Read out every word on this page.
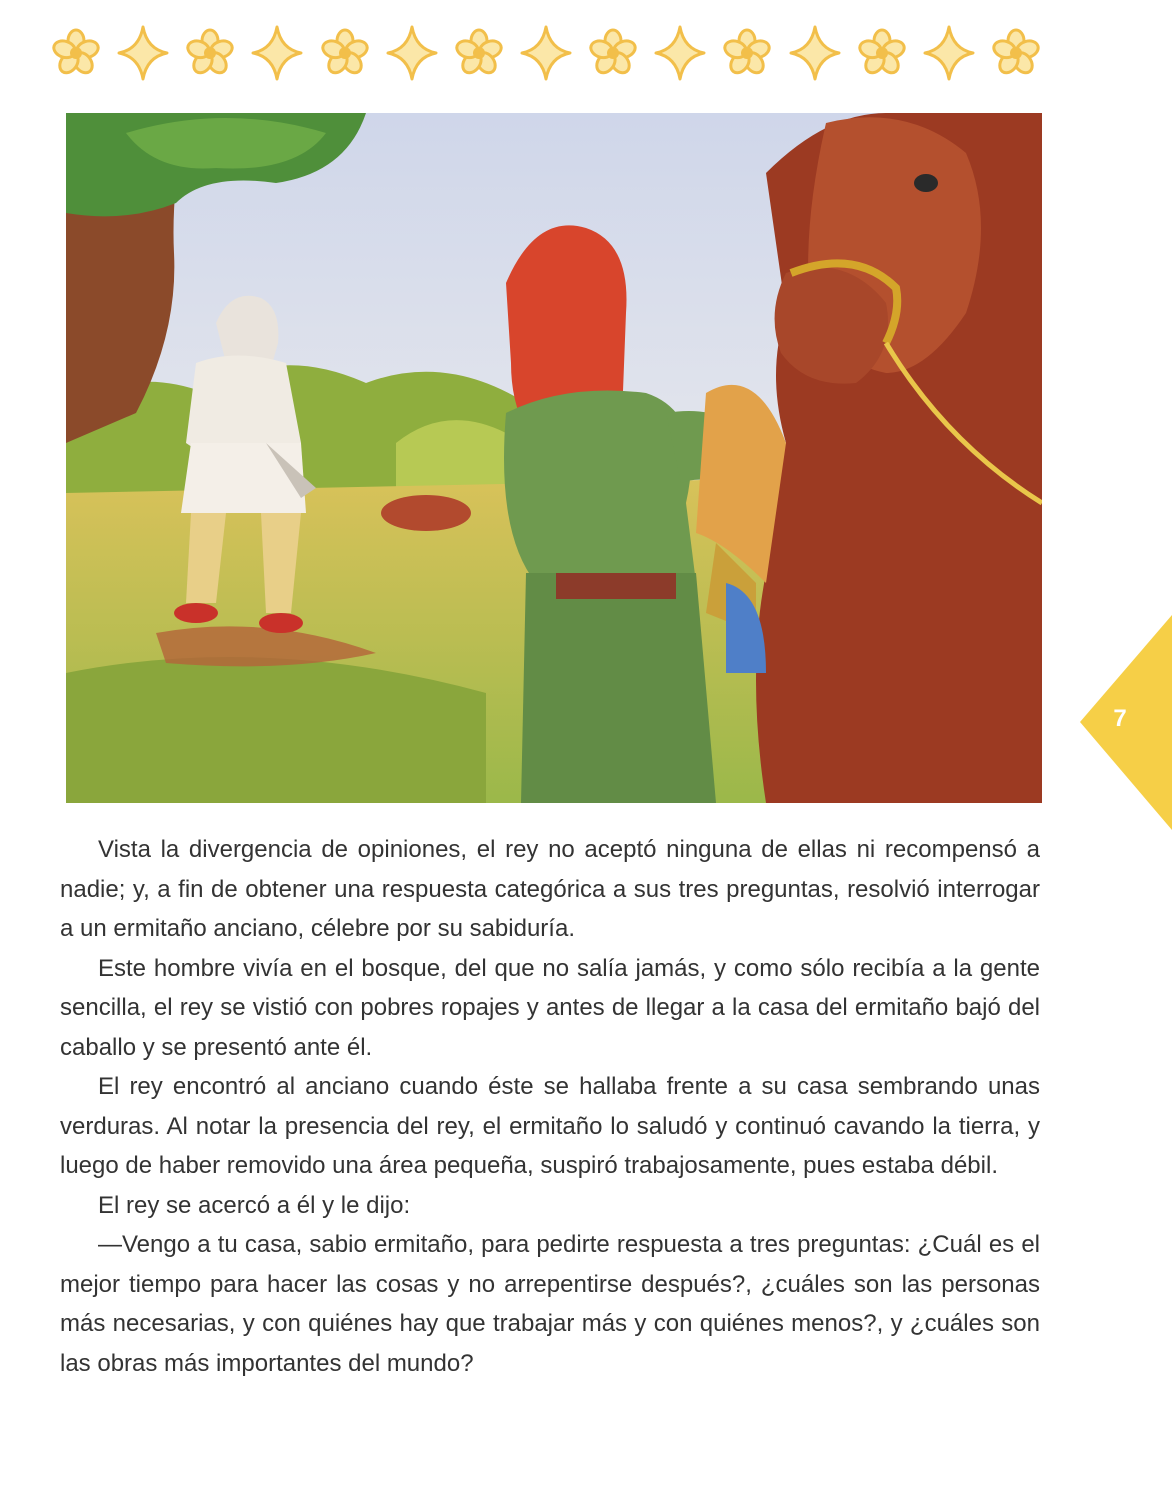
7

Vista la divergencia de opiniones, el rey no aceptó ninguna de ellas ni recompensó a nadie; y, a fin de obtener una respuesta categórica a sus tres preguntas, resolvió interrogar a un ermitaño anciano, célebre por su sabiduría.

Este hombre vivía en el bosque, del que no salía jamás, y como sólo recibía a la gente sencilla, el rey se vistió con pobres ropajes y antes de llegar a la casa del ermitaño bajó del caballo y se presentó ante él.

El rey encontró al anciano cuando éste se hallaba frente a su casa sembrando unas verduras. Al notar la presencia del rey, el ermitaño lo saludó y continuó cavando la tierra, y luego de haber removido una área pequeña, suspiró trabajosamente, pues estaba débil.

El rey se acercó a él y le dijo:

—Vengo a tu casa, sabio ermitaño, para pedirte respuesta a tres preguntas: ¿Cuál es el mejor tiempo para hacer las cosas y no arrepentirse después?, ¿cuáles son las personas más necesarias, y con quiénes hay que trabajar más y con quiénes menos?, y ¿cuáles son las obras más importantes del mundo?
